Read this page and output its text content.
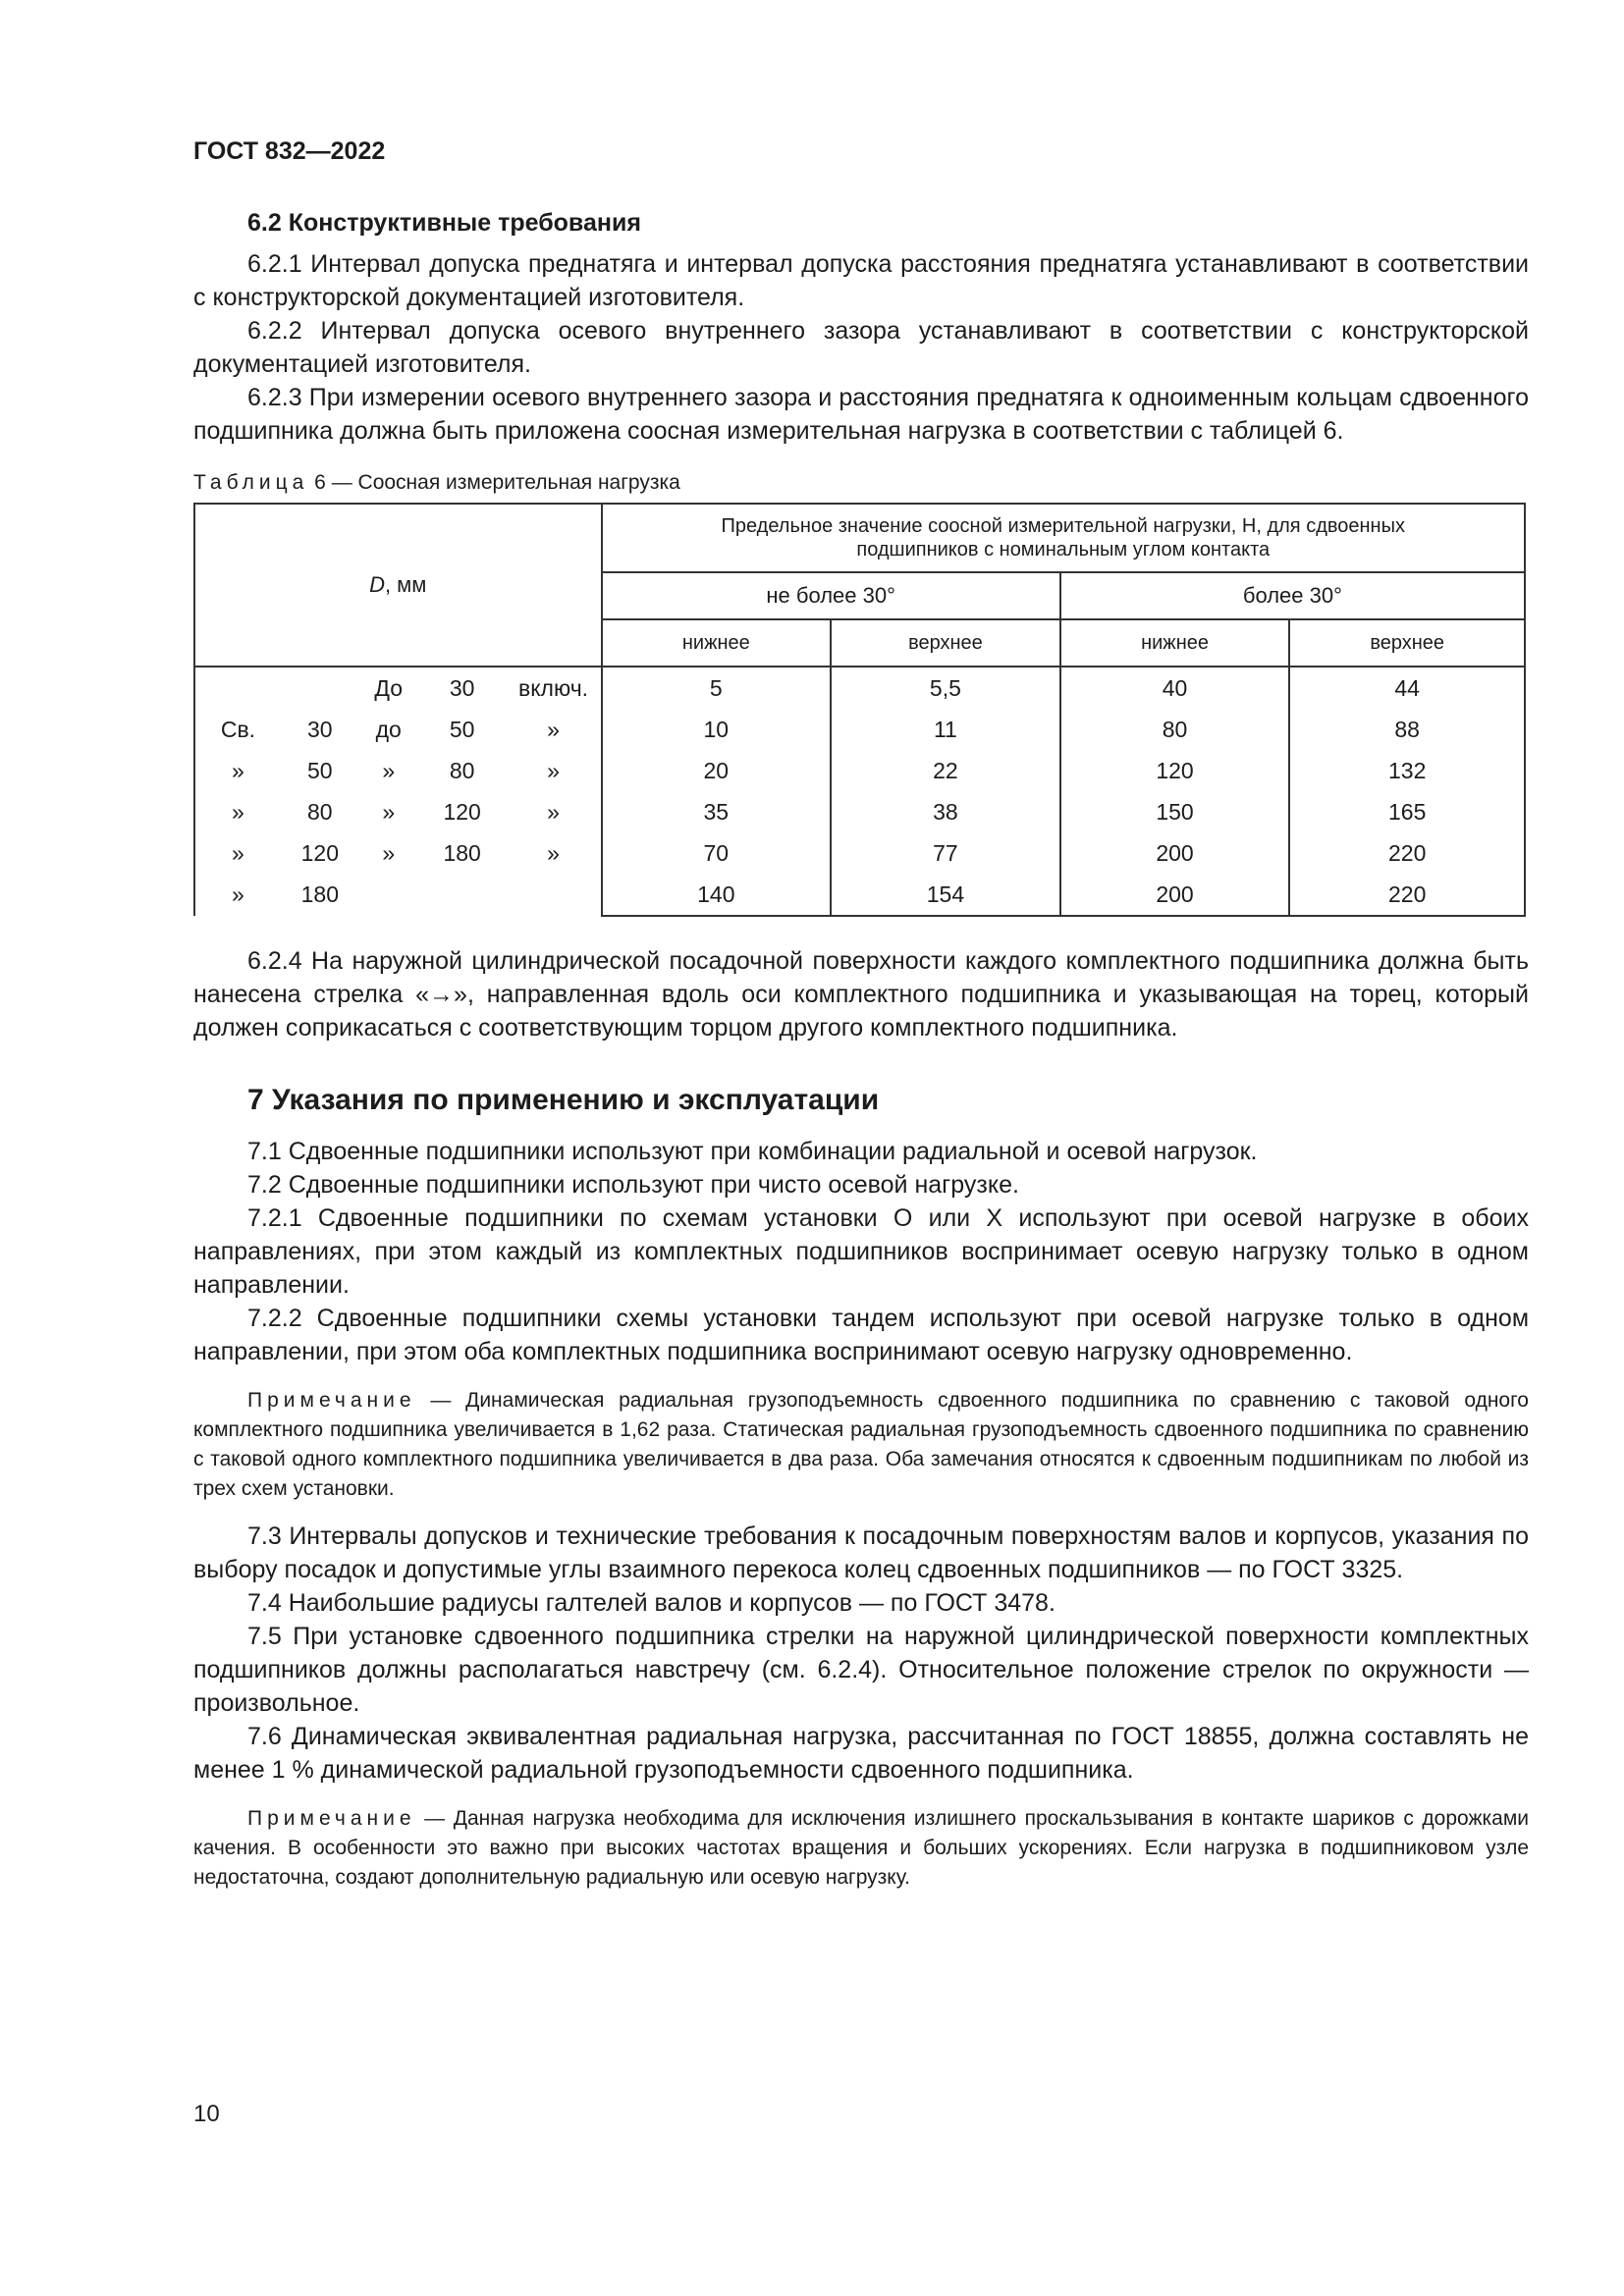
ГОСТ 832—2022
6.2 Конструктивные требования

6.2.1 Интервал допуска преднатяга и интервал допуска расстояния преднатяга устанавливают в соответствии с конструкторской документацией изготовителя.

6.2.2 Интервал допуска осевого внутреннего зазора устанавливают в соответствии с конструкторской документацией изготовителя.

6.2.3 При измерении осевого внутреннего зазора и расстояния преднатяга к одноименным кольцам сдвоенного подшипника должна быть приложена соосная измерительная нагрузка в соответствии с таблицей 6.

Таблица 6 — Соосная измерительная нагрузка
D, мм					Предельное значение соосной измерительной нагрузки, Н, для сдвоенных подшипников с номинальным углом контакта			
					не более 30°		более 30°	
					нижнее	верхнее	нижнее	верхнее
		До	30	включ.	5	5,5	40	44
Св.	30	до	50	»	10	11	80	88
»	50	»	80	»	20	22	120	132
»	80	»	120	»	35	38	150	165
»	120	»	180	»	70	77	200	220
»	180				140	154	200	220

6.2.4 На наружной цилиндрической посадочной поверхности каждого комплектного подшипника должна быть нанесена стрелка «→», направленная вдоль оси комплектного подшипника и указывающая на торец, который должен соприкасаться с соответствующим торцом другого комплектного подшипника.

7 Указания по применению и эксплуатации

7.1 Сдвоенные подшипники используют при комбинации радиальной и осевой нагрузок.

7.2 Сдвоенные подшипники используют при чисто осевой нагрузке.

7.2.1 Сдвоенные подшипники по схемам установки О или X используют при осевой нагрузке в обоих направлениях, при этом каждый из комплектных подшипников воспринимает осевую нагрузку только в одном направлении.

7.2.2 Сдвоенные подшипники схемы установки тандем используют при осевой нагрузке только в одном направлении, при этом оба комплектных подшипника воспринимают осевую нагрузку одновременно.

Примечание — Динамическая радиальная грузоподъемность сдвоенного подшипника по сравнению с таковой одного комплектного подшипника увеличивается в 1,62 раза. Статическая радиальная грузоподъемность сдвоенного подшипника по сравнению с таковой одного комплектного подшипника увеличивается в два раза. Оба замечания относятся к сдвоенным подшипникам по любой из трех схем установки.

7.3 Интервалы допусков и технические требования к посадочным поверхностям валов и корпусов, указания по выбору посадок и допустимые углы взаимного перекоса колец сдвоенных подшипников — по ГОСТ 3325.

7.4 Наибольшие радиусы галтелей валов и корпусов — по ГОСТ 3478.

7.5 При установке сдвоенного подшипника стрелки на наружной цилиндрической поверхности комплектных подшипников должны располагаться навстречу (см. 6.2.4). Относительное положение стрелок по окружности — произвольное.

7.6 Динамическая эквивалентная радиальная нагрузка, рассчитанная по ГОСТ 18855, должна составлять не менее 1 % динамической радиальной грузоподъемности сдвоенного подшипника.

Примечание — Данная нагрузка необходима для исключения излишнего проскальзывания в контакте шариков с дорожками качения. В особенности это важно при высоких частотах вращения и больших ускорениях. Если нагрузка в подшипниковом узле недостаточна, создают дополнительную радиальную или осевую нагрузку.

10
